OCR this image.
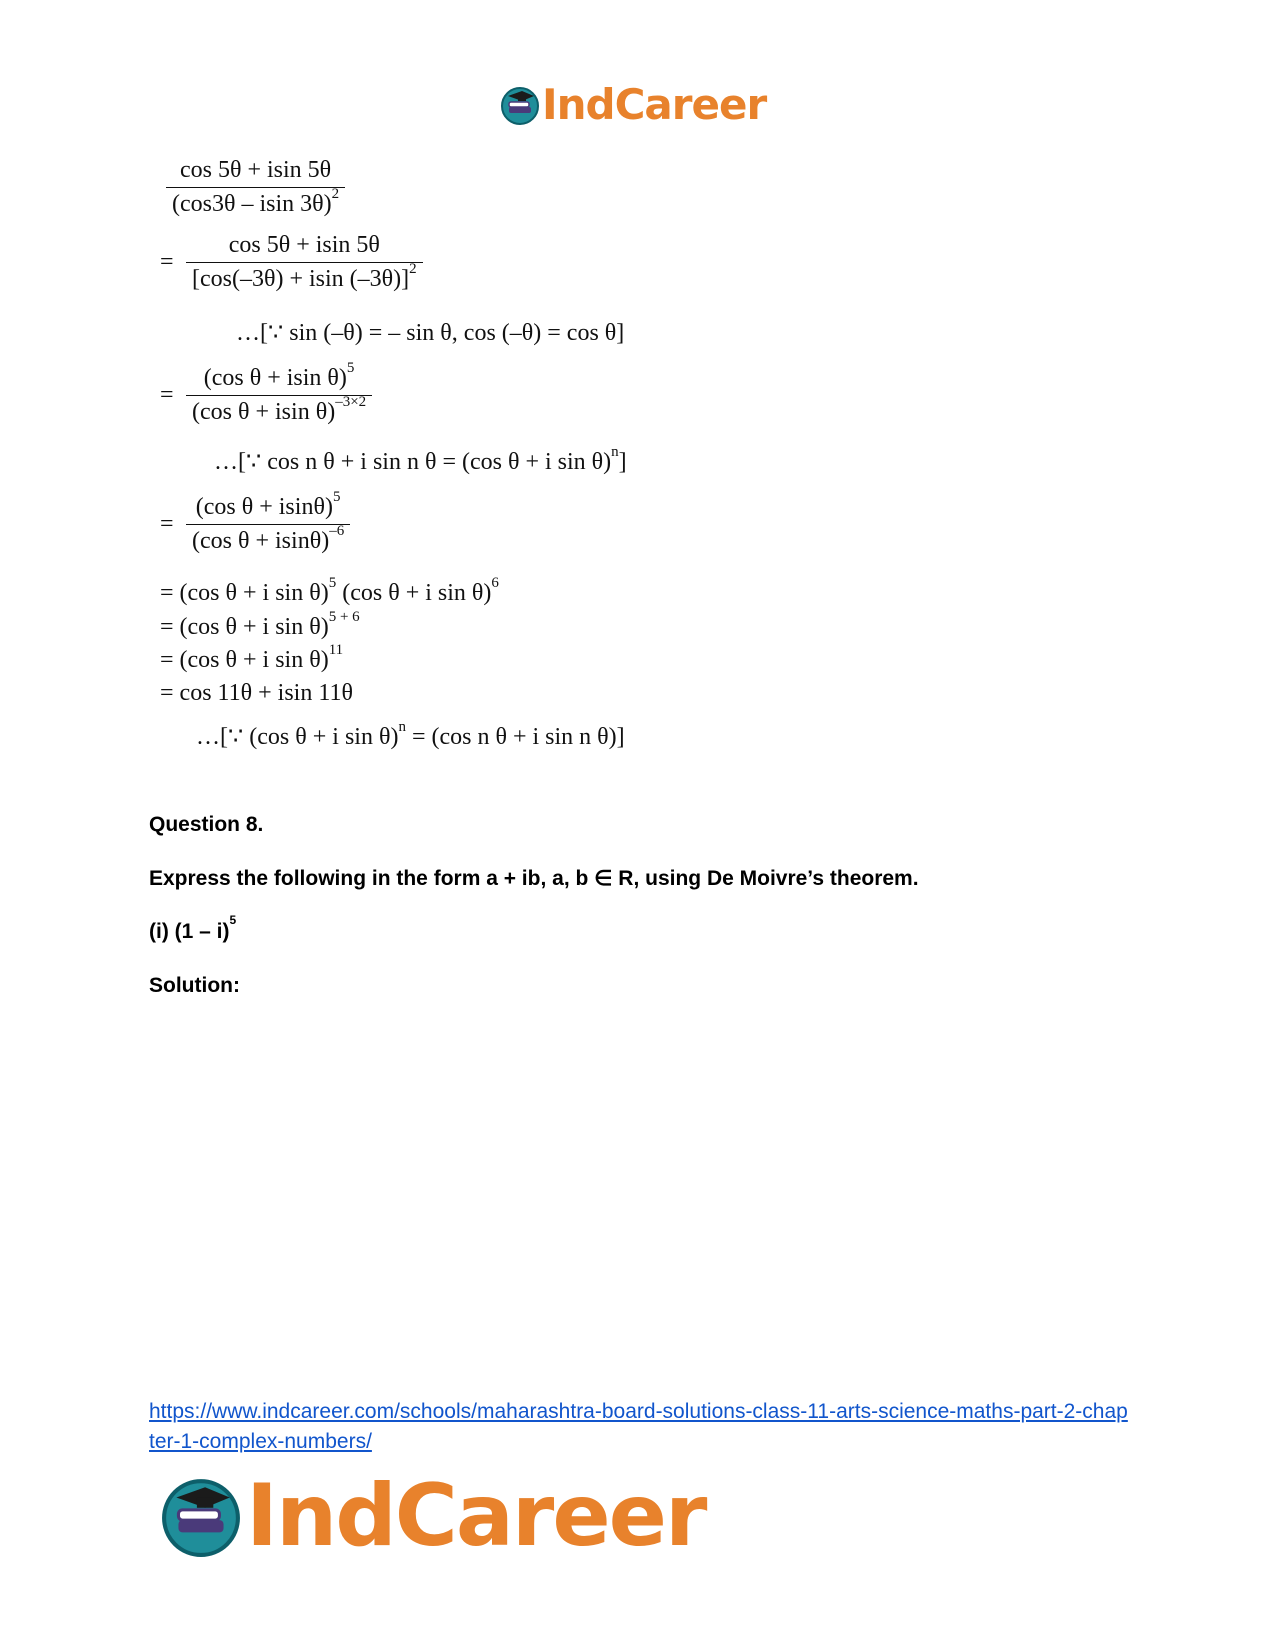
IndCareer
$\frac{\cos 5\theta + isin 5\theta}{(\cos 3\theta - isin 3\theta)^2}$
= $\frac{\cos 5\theta + isin 5\theta}{[\cos(-3\theta) + isin (-3\theta)]^2}$
…[∵ sin (–θ) = – sin θ, cos (–θ) = cos θ]
= $\frac{(\cos \theta + isin \theta)^5}{(\cos \theta + isin \theta)^{-3\times 2}}$
…[∵ cos n θ + i sin n θ = (cos θ + i sin θ)$^n$]
= $\frac{(\cos \theta + isin\theta)^5}{(\cos \theta + isin\theta)^{-6}}$
= (cos θ + i sin θ)$^5$ (cos θ + i sin θ)$^6$
= (cos θ + i sin θ)$^{5 + 6}$
= (cos θ + i sin θ)$^{11}$
= cos 11θ + isin 11θ
…[∵ (cos θ + i sin θ)$^n$ = (cos n θ + i sin n θ)]
Question 8.
Express the following in the form a + ib, a, b ∈ R, using De Moivre’s theorem.
(i) (1 – i)$^5$
Solution:
https://www.indcareer.com/schools/maharashtra-board-solutions-class-11-arts-science-maths-part-2-chapter-1-complex-numbers/
IndCareer
